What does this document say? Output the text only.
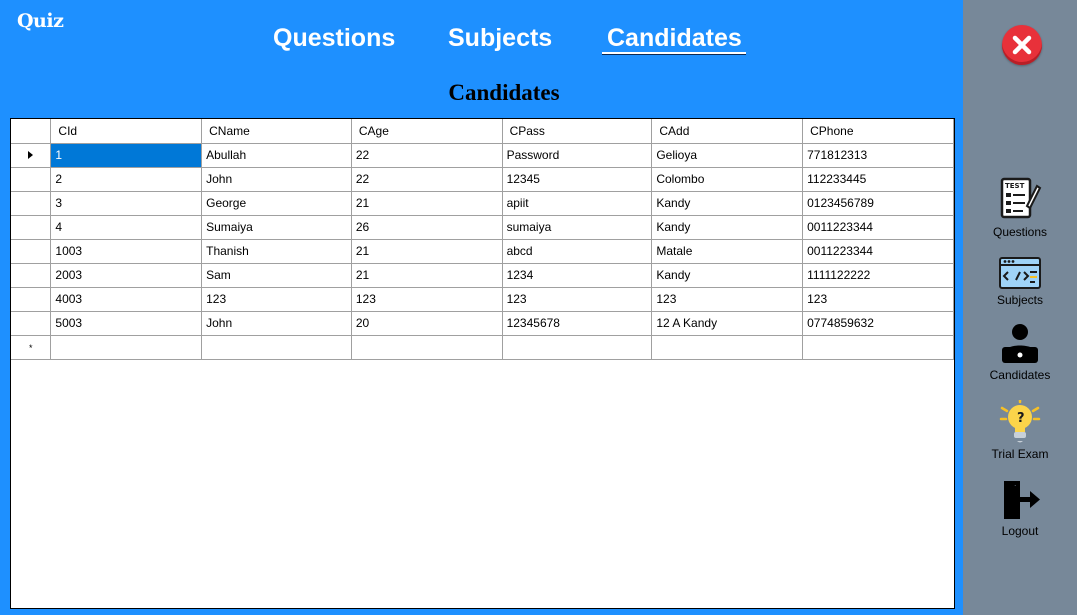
Quiz
Questions Subjects Candidates
Candidates
	CId	CName	CAge	CPass	CAdd	CPhone
	1	Abullah	22	Password	Gelioya	771812313
	2	John	22	12345	Colombo	112233445
	3	George	21	apiit	Kandy	0123456789
	4	Sumaiya	26	sumaiya	Kandy	0011223344
	1003	Thanish	21	abcd	Matale	0011223344
	2003	Sam	21	1234	Kandy	1111122222
	4003	123	123	123	123	123
	5003	John	20	12345678	12 A Kandy	0774859632
*						
TEST
Questions
Subjects
Candidates
?
Trial Exam
Logout
